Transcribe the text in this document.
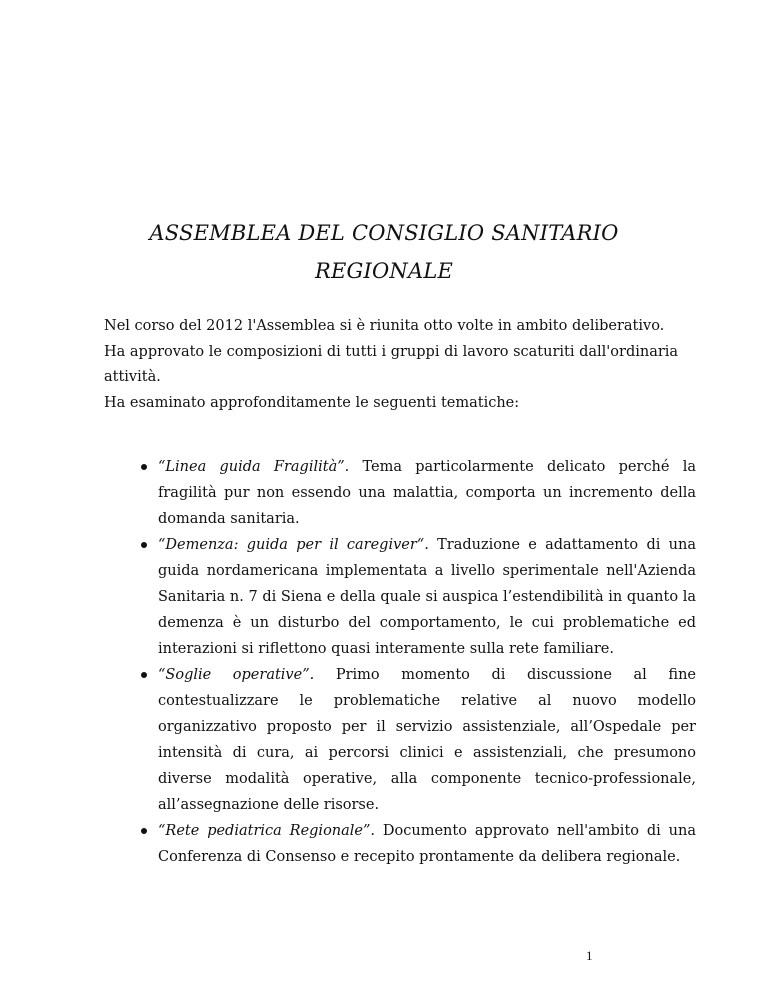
ASSEMBLEA DEL CONSIGLIO SANITARIO
REGIONALE

Nel corso del 2012 l'Assemblea si è riunita otto volte in ambito deliberativo.

Ha approvato le composizioni di tutti i gruppi di lavoro scaturiti dall'ordinaria attività.

Ha esaminato approfonditamente le seguenti tematiche:

“Linea guida Fragilità”. Tema particolarmente delicato perché la fragilità pur non essendo una malattia, comporta un incremento della domanda sanitaria.
“Demenza: guida per il caregiver“. Traduzione e adattamento di una guida nordamericana implementata a livello sperimentale nell'Azienda Sanitaria n. 7 di Siena e della quale si auspica l’estendibilità in quanto la demenza è un disturbo del comportamento, le cui problematiche ed interazioni si riflettono quasi interamente sulla rete familiare.
“Soglie operative”. Primo momento di discussione al fine contestualizzare le problematiche relative al nuovo modello organizzativo proposto per il servizio assistenziale, all’Ospedale per intensità di cura, ai percorsi clinici e assistenziali, che presumono diverse modalità operative, alla componente tecnico-professionale, all’assegnazione delle risorse.
“Rete pediatrica Regionale”. Documento approvato nell'ambito di una Conferenza di Consenso e recepito prontamente da delibera regionale.
1
